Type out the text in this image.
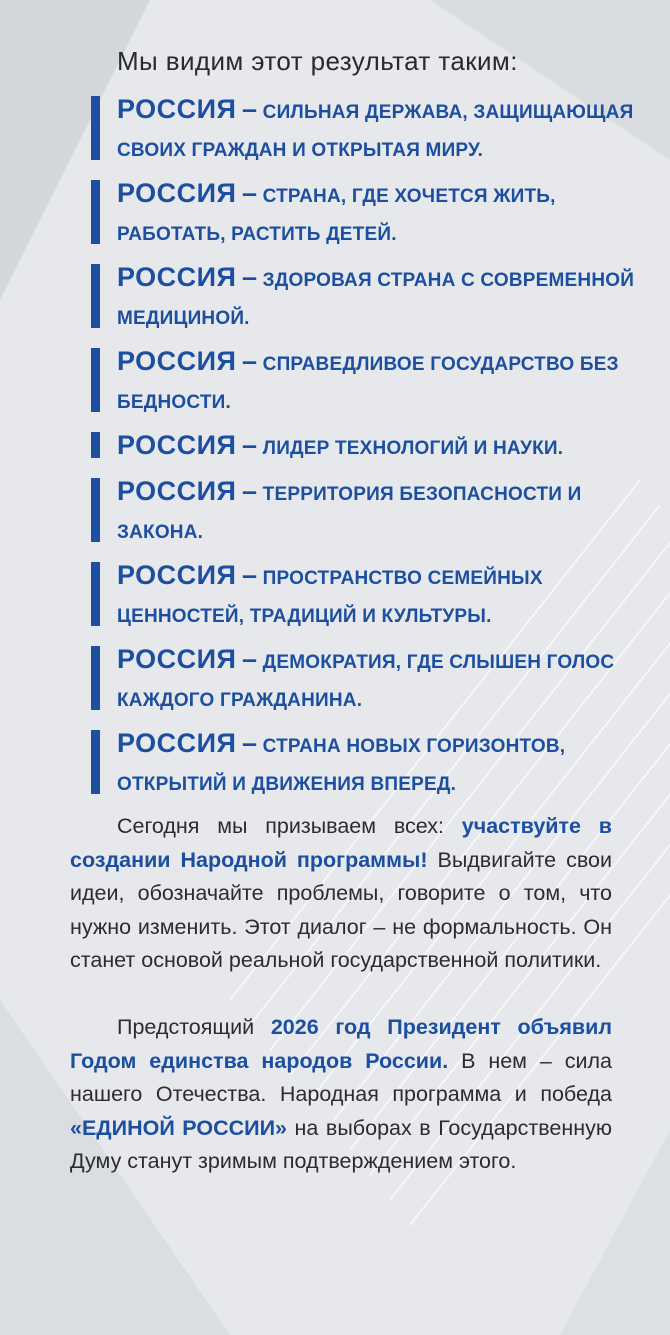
Мы видим этот результат таким:
РОССИЯ – СИЛЬНАЯ ДЕРЖАВА, ЗАЩИЩАЮЩАЯ СВОИХ ГРАЖДАН И ОТКРЫТАЯ МИРУ.
РОССИЯ – СТРАНА, ГДЕ ХОЧЕТСЯ ЖИТЬ, РАБОТАТЬ, РАСТИТЬ ДЕТЕЙ.
РОССИЯ – ЗДОРОВАЯ СТРАНА С СОВРЕМЕННОЙ МЕДИЦИНОЙ.
РОССИЯ – СПРАВЕДЛИВОЕ ГОСУДАРСТВО БЕЗ БЕДНОСТИ.
РОССИЯ – ЛИДЕР ТЕХНОЛОГИЙ И НАУКИ.
РОССИЯ – ТЕРРИТОРИЯ БЕЗОПАСНОСТИ И ЗАКОНА.
РОССИЯ – ПРОСТРАНСТВО СЕМЕЙНЫХ ЦЕННОСТЕЙ, ТРАДИЦИЙ И КУЛЬТУРЫ.
РОССИЯ – ДЕМОКРАТИЯ, ГДЕ СЛЫШЕН ГОЛОС КАЖДОГО ГРАЖДАНИНА.
РОССИЯ – СТРАНА НОВЫХ ГОРИЗОНТОВ, ОТКРЫТИЙ И ДВИЖЕНИЯ ВПЕРЕД.
Сегодня мы призываем всех: участвуйте в создании Народной программы! Выдвигайте свои идеи, обозначайте проблемы, говорите о том, что нужно изменить. Этот диалог – не формальность. Он станет основой реальной государственной политики.
Предстоящий 2026 год Президент объявил Годом единства народов России. В нем – сила нашего Отечества. Народная программа и победа «ЕДИНОЙ РОССИИ» на выборах в Государственную Думу станут зримым подтверждением этого.
